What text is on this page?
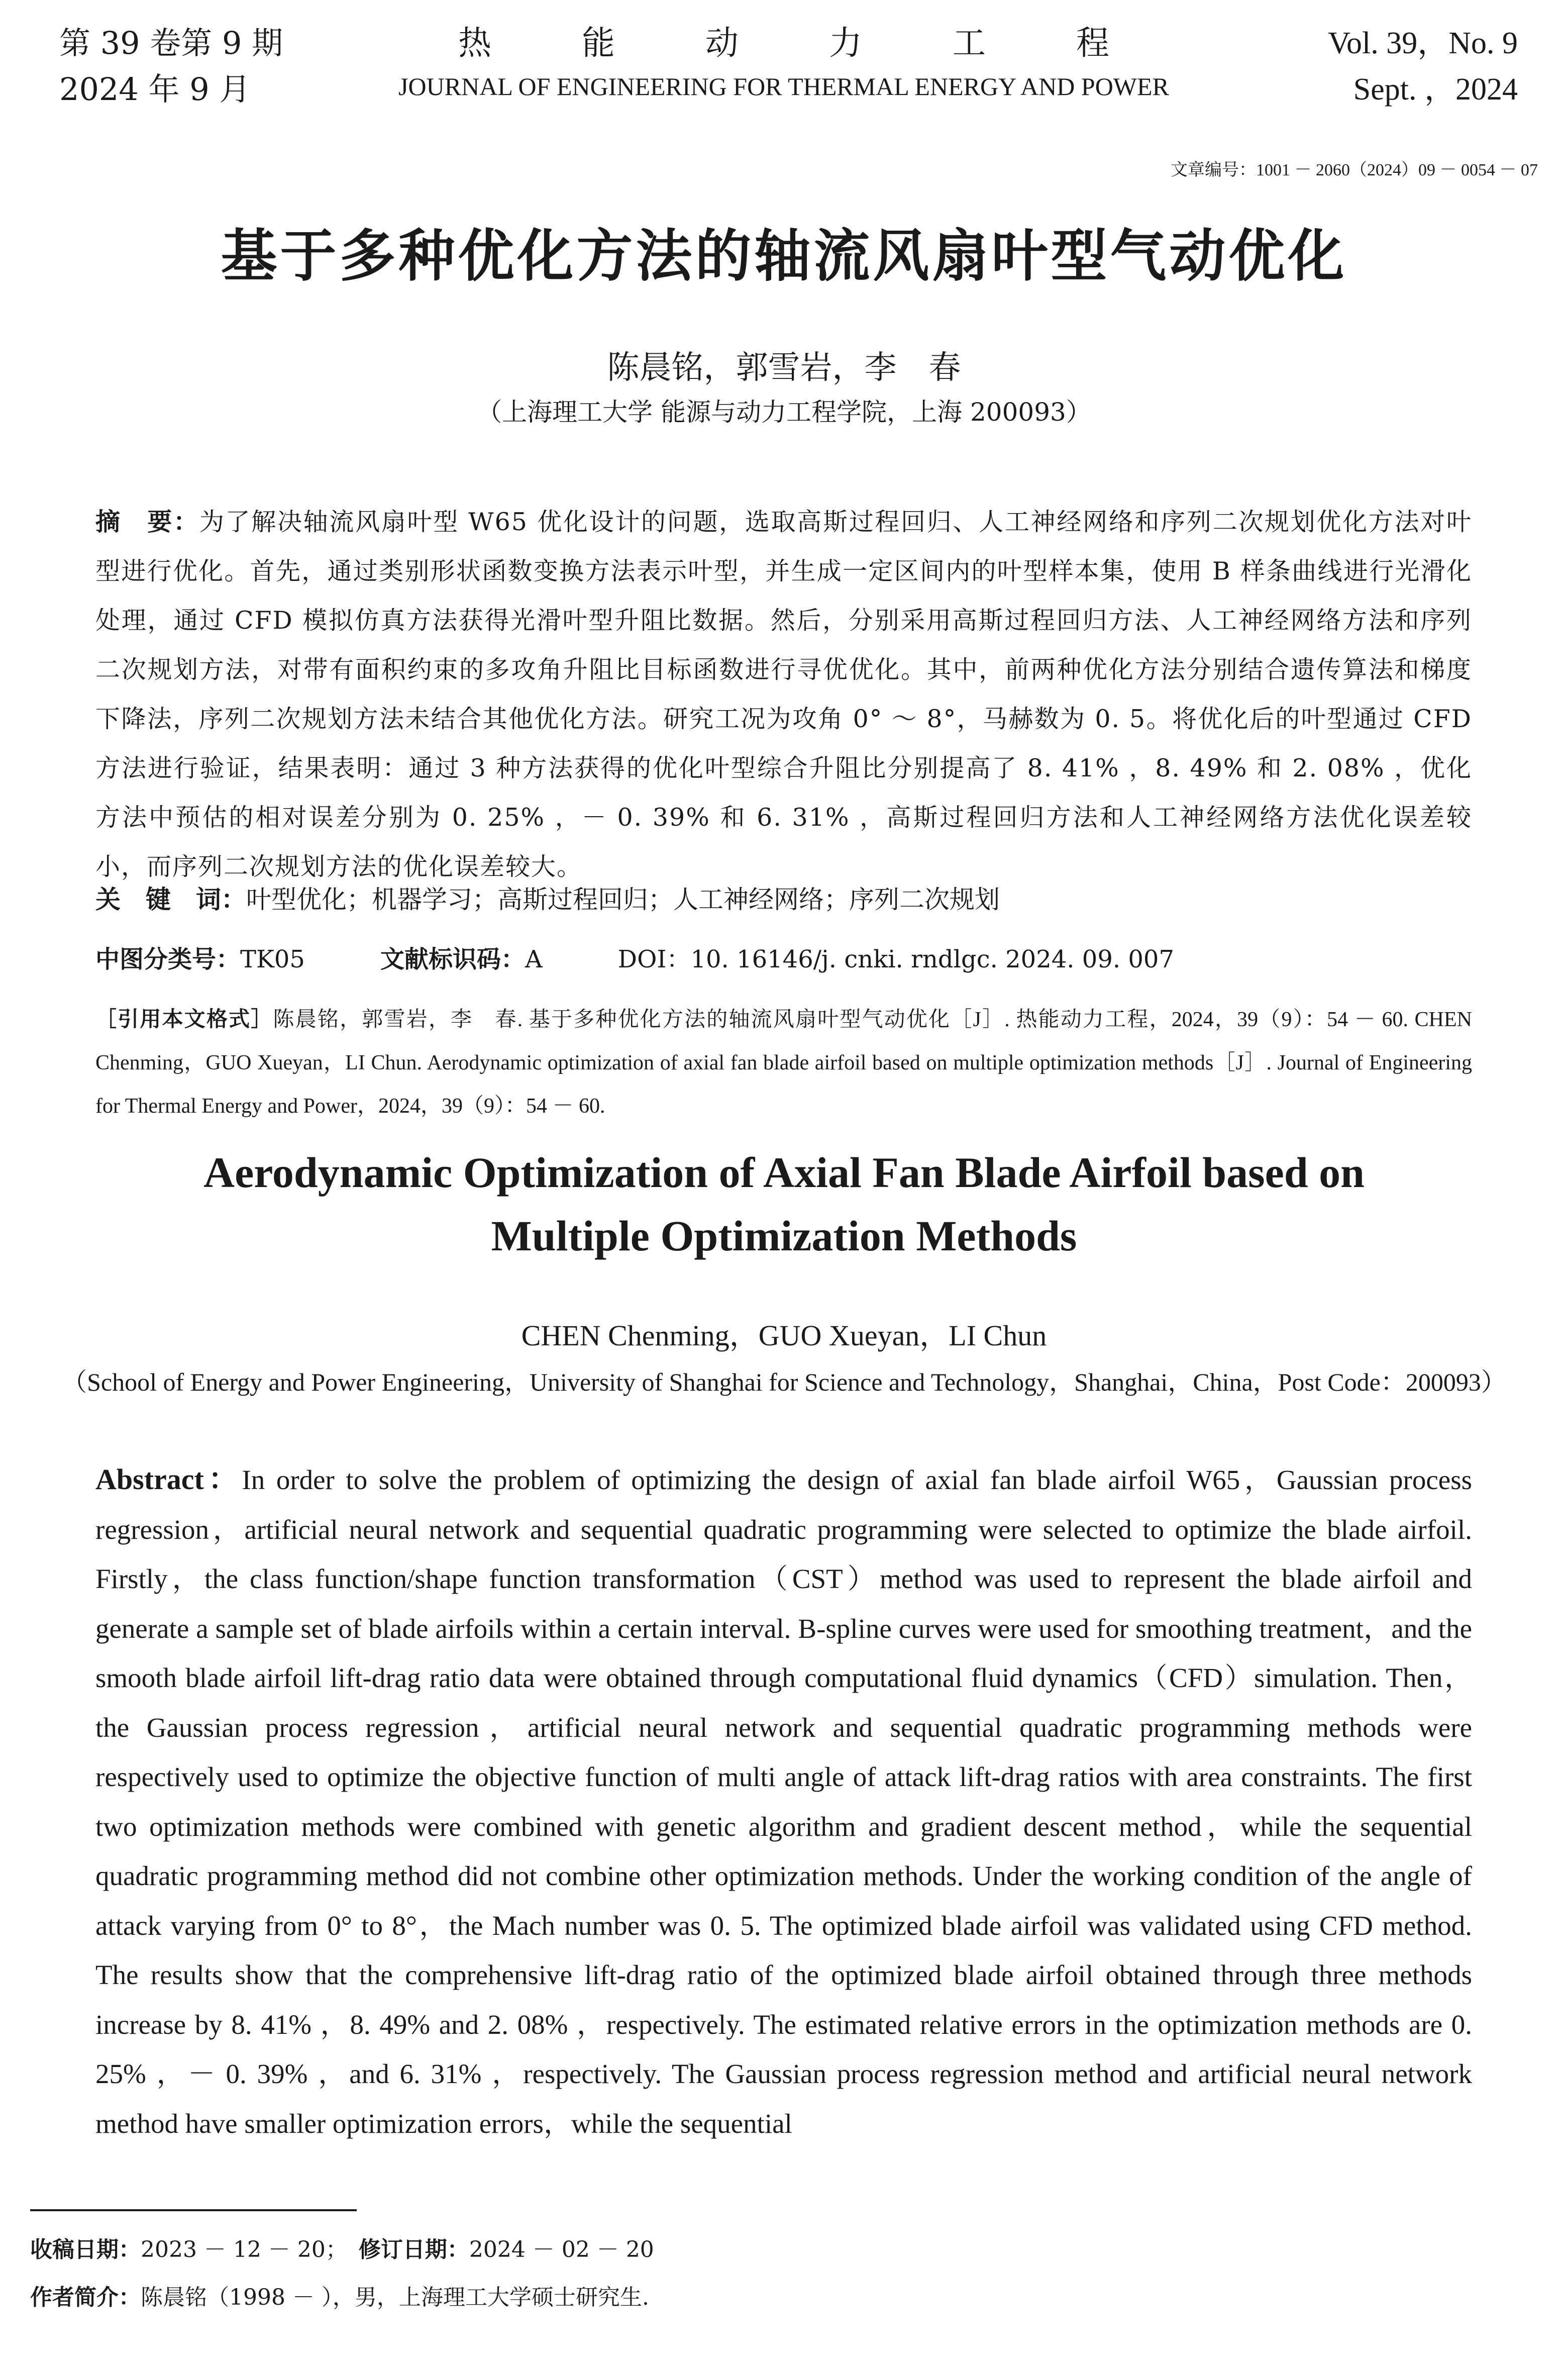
第 39 卷第 9 期
2024 年 9 月
热能动力工程
JOURNAL OF ENGINEERING FOR THERMAL ENERGY AND POWER
Vol. 39，No. 9
Sept. ，2024
文章编号：1001 － 2060（2024）09 － 0054 － 07
基于多种优化方法的轴流风扇叶型气动优化
陈晨铭，郭雪岩，李　春
（上海理工大学 能源与动力工程学院，上海 200093）
摘　要：为了解决轴流风扇叶型 W65 优化设计的问题，选取高斯过程回归、人工神经网络和序列二次规划优化方法对叶型进行优化。首先，通过类别形状函数变换方法表示叶型，并生成一定区间内的叶型样本集，使用 B 样条曲线进行光滑化处理，通过 CFD 模拟仿真方法获得光滑叶型升阻比数据。然后，分别采用高斯过程回归方法、人工神经网络方法和序列二次规划方法，对带有面积约束的多攻角升阻比目标函数进行寻优优化。其中，前两种优化方法分别结合遗传算法和梯度下降法，序列二次规划方法未结合其他优化方法。研究工况为攻角 0° ～ 8°，马赫数为 0. 5。将优化后的叶型通过 CFD 方法进行验证，结果表明：通过 3 种方法获得的优化叶型综合升阻比分别提高了 8. 41% ，8. 49% 和 2. 08% ，优化方法中预估的相对误差分别为 0. 25% ，－ 0. 39% 和 6. 31% ，高斯过程回归方法和人工神经网络方法优化误差较小，而序列二次规划方法的优化误差较大。
关　键　词：叶型优化；机器学习；高斯过程回归；人工神经网络；序列二次规划
中图分类号：TK05	文献标识码：A	DOI：10. 16146/j. cnki. rndlgc. 2024. 09. 007
［引用本文格式］陈晨铭，郭雪岩，李　春. 基于多种优化方法的轴流风扇叶型气动优化［J］. 热能动力工程，2024，39（9）：54 － 60. CHEN Chenming，GUO Xueyan，LI Chun. Aerodynamic optimization of axial fan blade airfoil based on multiple optimization methods［J］. Journal of Engineering for Thermal Energy and Power，2024，39（9）：54 － 60.
Aerodynamic Optimization of Axial Fan Blade Airfoil based on
Multiple Optimization Methods
CHEN Chenming，GUO Xueyan，LI Chun
（School of Energy and Power Engineering，University of Shanghai for Science and Technology，Shanghai，China，Post Code：200093）
Abstract：In order to solve the problem of optimizing the design of axial fan blade airfoil W65，Gaussian process regression，artificial neural network and sequential quadratic programming were selected to optimize the blade airfoil. Firstly，the class function/shape function transformation（CST）method was used to represent the blade airfoil and generate a sample set of blade airfoils within a certain interval. B-spline curves were used for smoothing treatment，and the smooth blade airfoil lift-drag ratio data were obtained through computational fluid dynamics（CFD）simulation. Then，the Gaussian process regression，artificial neural network and sequential quadratic programming methods were respectively used to optimize the objective function of multi angle of attack lift-drag ratios with area constraints. The first two optimization methods were combined with genetic algorithm and gradient descent method，while the sequential quadratic programming method did not combine other optimization methods. Under the working condition of the angle of attack varying from 0° to 8°，the Mach number was 0. 5. The optimized blade airfoil was validated using CFD method. The results show that the comprehensive lift-drag ratio of the optimized blade airfoil obtained through three methods increase by 8. 41% ，8. 49% and 2. 08% ，respectively. The estimated relative errors in the optimization methods are 0. 25% ，－ 0. 39% ，and 6. 31% ，respectively. The Gaussian process regression method and artificial neural network method have smaller optimization errors，while the sequential
收稿日期：2023 － 12 － 20；　 修订日期：2024 － 02 － 20
作者简介：陈晨铭（1998 － ），男，上海理工大学硕士研究生.
